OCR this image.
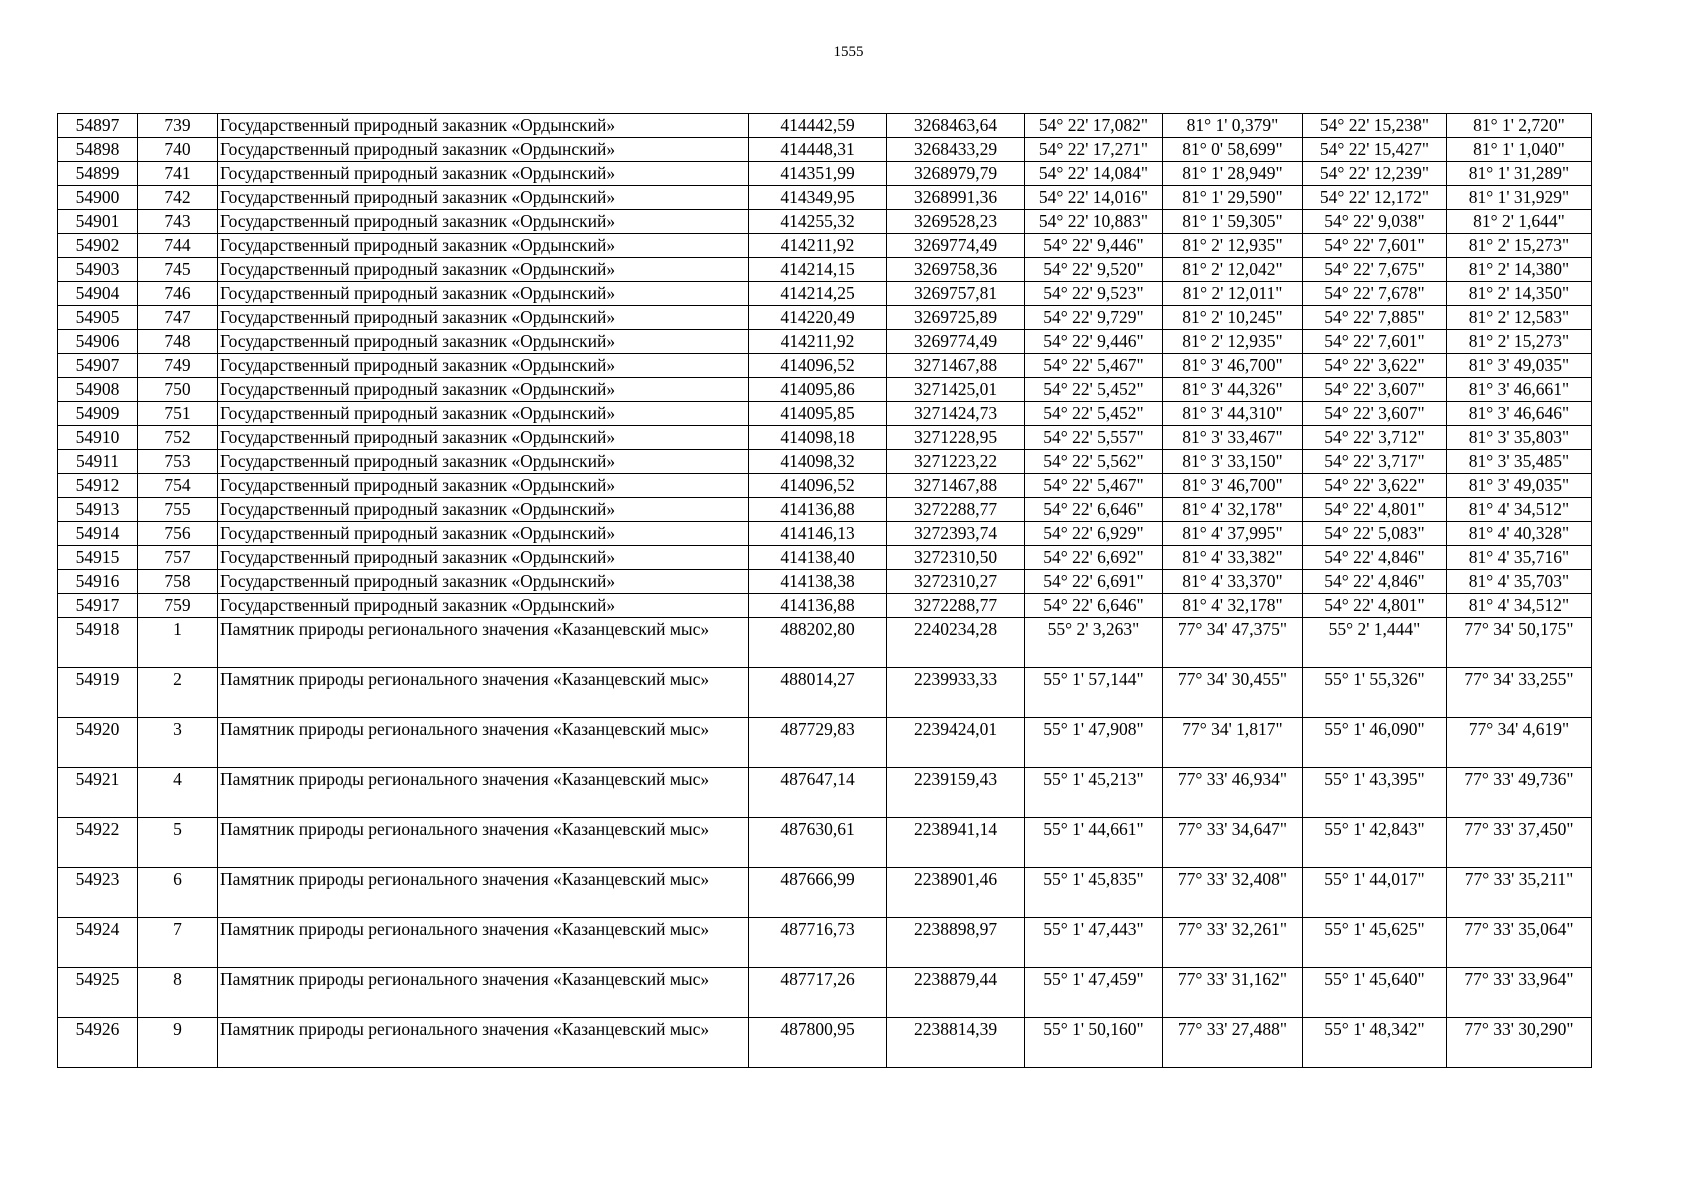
1555
54897	739	Государственный природный заказник «Ордынский»	414442,59	3268463,64	54° 22' 17,082"	81° 1' 0,379"	54° 22' 15,238"	81° 1' 2,720"
54898	740	Государственный природный заказник «Ордынский»	414448,31	3268433,29	54° 22' 17,271"	81° 0' 58,699"	54° 22' 15,427"	81° 1' 1,040"
54899	741	Государственный природный заказник «Ордынский»	414351,99	3268979,79	54° 22' 14,084"	81° 1' 28,949"	54° 22' 12,239"	81° 1' 31,289"
54900	742	Государственный природный заказник «Ордынский»	414349,95	3268991,36	54° 22' 14,016"	81° 1' 29,590"	54° 22' 12,172"	81° 1' 31,929"
54901	743	Государственный природный заказник «Ордынский»	414255,32	3269528,23	54° 22' 10,883"	81° 1' 59,305"	54° 22' 9,038"	81° 2' 1,644"
54902	744	Государственный природный заказник «Ордынский»	414211,92	3269774,49	54° 22' 9,446"	81° 2' 12,935"	54° 22' 7,601"	81° 2' 15,273"
54903	745	Государственный природный заказник «Ордынский»	414214,15	3269758,36	54° 22' 9,520"	81° 2' 12,042"	54° 22' 7,675"	81° 2' 14,380"
54904	746	Государственный природный заказник «Ордынский»	414214,25	3269757,81	54° 22' 9,523"	81° 2' 12,011"	54° 22' 7,678"	81° 2' 14,350"
54905	747	Государственный природный заказник «Ордынский»	414220,49	3269725,89	54° 22' 9,729"	81° 2' 10,245"	54° 22' 7,885"	81° 2' 12,583"
54906	748	Государственный природный заказник «Ордынский»	414211,92	3269774,49	54° 22' 9,446"	81° 2' 12,935"	54° 22' 7,601"	81° 2' 15,273"
54907	749	Государственный природный заказник «Ордынский»	414096,52	3271467,88	54° 22' 5,467"	81° 3' 46,700"	54° 22' 3,622"	81° 3' 49,035"
54908	750	Государственный природный заказник «Ордынский»	414095,86	3271425,01	54° 22' 5,452"	81° 3' 44,326"	54° 22' 3,607"	81° 3' 46,661"
54909	751	Государственный природный заказник «Ордынский»	414095,85	3271424,73	54° 22' 5,452"	81° 3' 44,310"	54° 22' 3,607"	81° 3' 46,646"
54910	752	Государственный природный заказник «Ордынский»	414098,18	3271228,95	54° 22' 5,557"	81° 3' 33,467"	54° 22' 3,712"	81° 3' 35,803"
54911	753	Государственный природный заказник «Ордынский»	414098,32	3271223,22	54° 22' 5,562"	81° 3' 33,150"	54° 22' 3,717"	81° 3' 35,485"
54912	754	Государственный природный заказник «Ордынский»	414096,52	3271467,88	54° 22' 5,467"	81° 3' 46,700"	54° 22' 3,622"	81° 3' 49,035"
54913	755	Государственный природный заказник «Ордынский»	414136,88	3272288,77	54° 22' 6,646"	81° 4' 32,178"	54° 22' 4,801"	81° 4' 34,512"
54914	756	Государственный природный заказник «Ордынский»	414146,13	3272393,74	54° 22' 6,929"	81° 4' 37,995"	54° 22' 5,083"	81° 4' 40,328"
54915	757	Государственный природный заказник «Ордынский»	414138,40	3272310,50	54° 22' 6,692"	81° 4' 33,382"	54° 22' 4,846"	81° 4' 35,716"
54916	758	Государственный природный заказник «Ордынский»	414138,38	3272310,27	54° 22' 6,691"	81° 4' 33,370"	54° 22' 4,846"	81° 4' 35,703"
54917	759	Государственный природный заказник «Ордынский»	414136,88	3272288,77	54° 22' 6,646"	81° 4' 32,178"	54° 22' 4,801"	81° 4' 34,512"
54918	1	Памятник природы регионального значения «Казанцевский мыс»	488202,80	2240234,28	55° 2' 3,263"	77° 34' 47,375"	55° 2' 1,444"	77° 34' 50,175"
54919	2	Памятник природы регионального значения «Казанцевский мыс»	488014,27	2239933,33	55° 1' 57,144"	77° 34' 30,455"	55° 1' 55,326"	77° 34' 33,255"
54920	3	Памятник природы регионального значения «Казанцевский мыс»	487729,83	2239424,01	55° 1' 47,908"	77° 34' 1,817"	55° 1' 46,090"	77° 34' 4,619"
54921	4	Памятник природы регионального значения «Казанцевский мыс»	487647,14	2239159,43	55° 1' 45,213"	77° 33' 46,934"	55° 1' 43,395"	77° 33' 49,736"
54922	5	Памятник природы регионального значения «Казанцевский мыс»	487630,61	2238941,14	55° 1' 44,661"	77° 33' 34,647"	55° 1' 42,843"	77° 33' 37,450"
54923	6	Памятник природы регионального значения «Казанцевский мыс»	487666,99	2238901,46	55° 1' 45,835"	77° 33' 32,408"	55° 1' 44,017"	77° 33' 35,211"
54924	7	Памятник природы регионального значения «Казанцевский мыс»	487716,73	2238898,97	55° 1' 47,443"	77° 33' 32,261"	55° 1' 45,625"	77° 33' 35,064"
54925	8	Памятник природы регионального значения «Казанцевский мыс»	487717,26	2238879,44	55° 1' 47,459"	77° 33' 31,162"	55° 1' 45,640"	77° 33' 33,964"
54926	9	Памятник природы регионального значения «Казанцевский мыс»	487800,95	2238814,39	55° 1' 50,160"	77° 33' 27,488"	55° 1' 48,342"	77° 33' 30,290"
